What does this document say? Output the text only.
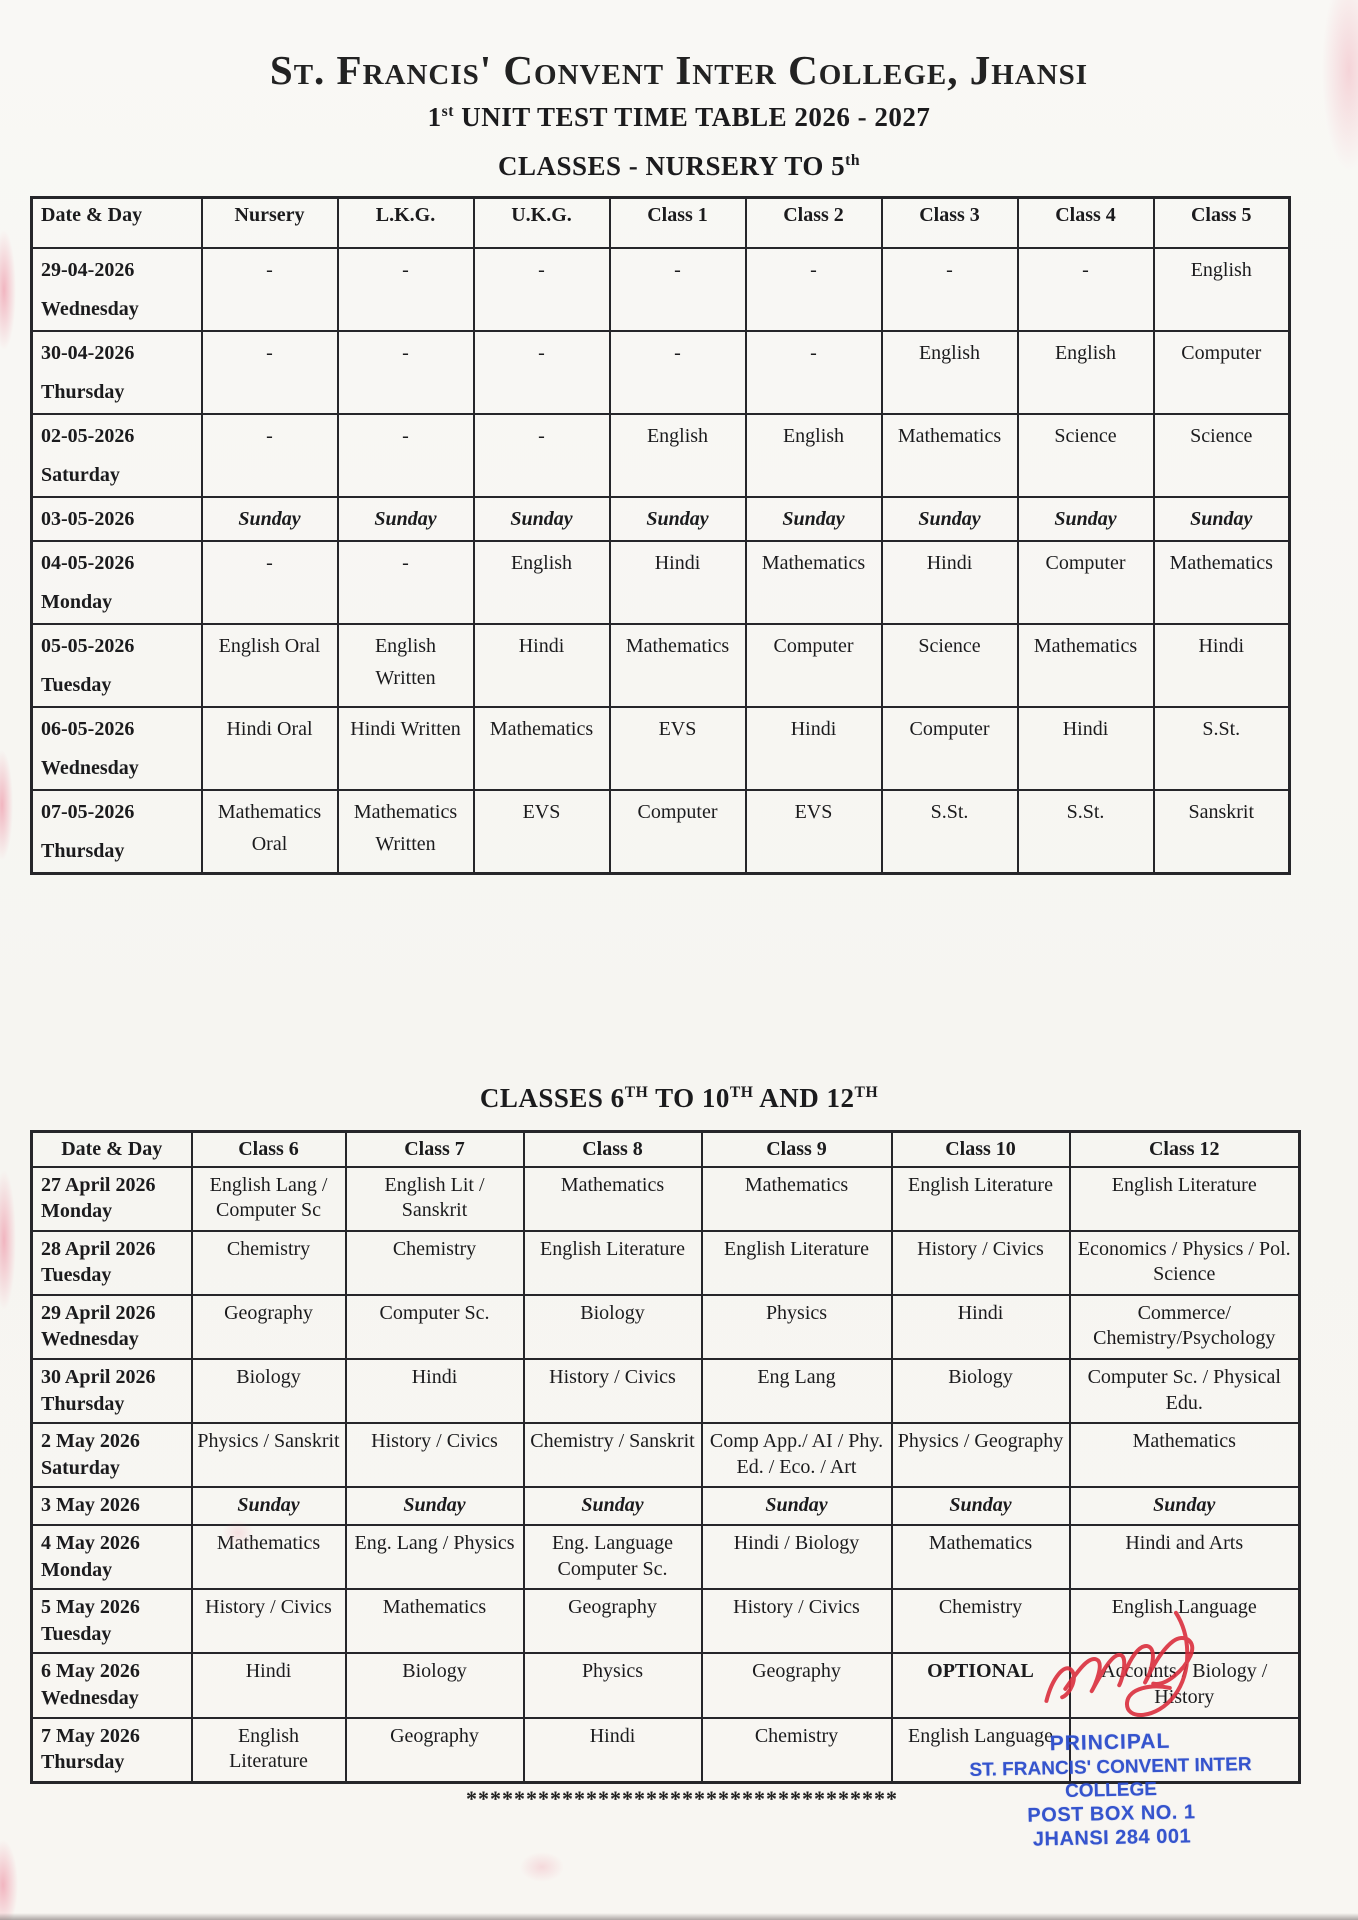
St. Francis' Convent Inter College, Jhansi
1st UNIT TEST TIME TABLE 2026 - 2027
CLASSES - NURSERY TO 5th
Date & Day	Nursery	L.K.G.	U.K.G.	Class 1	Class 2	Class 3	Class 4	Class 5

29-04-2026
Wednesday	-	-	-	-	-	-	-	English

30-04-2026
Thursday	-	-	-	-	-	English	English	Computer

02-05-2026
Saturday	-	-	-	English	English	Mathematics	Science	Science

03-05-2026	Sunday	Sunday	Sunday	Sunday	Sunday	Sunday	Sunday	Sunday

04-05-2026
Monday	-	-	English	Hindi	Mathematics	Hindi	Computer	Mathematics

05-05-2026
Tuesday	English Oral	English Written	Hindi	Mathematics	Computer	Science	Mathematics	Hindi

06-05-2026
Wednesday	Hindi Oral	Hindi Written	Mathematics	EVS	Hindi	Computer	Hindi	S.St.

07-05-2026
Thursday	Mathematics Oral	Mathematics Written	EVS	Computer	EVS	S.St.	S.St.	Sanskrit
CLASSES 6TH TO 10TH AND 12TH
Date & Day	Class 6	Class 7	Class 8	Class 9	Class 10	Class 12

27 April 2026
Monday	English Lang / Computer Sc	English Lit / Sanskrit	Mathematics	Mathematics	English Literature	English Literature

28 April 2026
Tuesday	Chemistry	Chemistry	English Literature	English Literature	History / Civics	Economics / Physics / Pol. Science

29 April 2026
Wednesday	Geography	Computer Sc.	Biology	Physics	Hindi	Commerce/ Chemistry/Psychology

30 April 2026
Thursday	Biology	Hindi	History / Civics	Eng Lang	Biology	Computer Sc. / Physical Edu.

2 May 2026
Saturday	Physics / Sanskrit	History / Civics	Chemistry / Sanskrit	Comp App./ AI / Phy. Ed. / Eco. / Art	Physics / Geography	Mathematics

3 May 2026	Sunday	Sunday	Sunday	Sunday	Sunday	Sunday

4 May 2026
Monday	Mathematics	Eng. Lang / Physics	Eng. Language Computer Sc.	Hindi / Biology	Mathematics	Hindi and Arts

5 May 2026
Tuesday	History / Civics	Mathematics	Geography	History / Civics	Chemistry	English Language

6 May 2026
Wednesday	Hindi	Biology	Physics	Geography	OPTIONAL	Accounts / Biology / History

7 May 2026
Thursday	English Literature	Geography	Hindi	Chemistry	English Language	
************************************
PRINCIPAL
ST. FRANCIS' CONVENT INTER COLLEGE
POST BOX NO. 1
JHANSI 284 001
